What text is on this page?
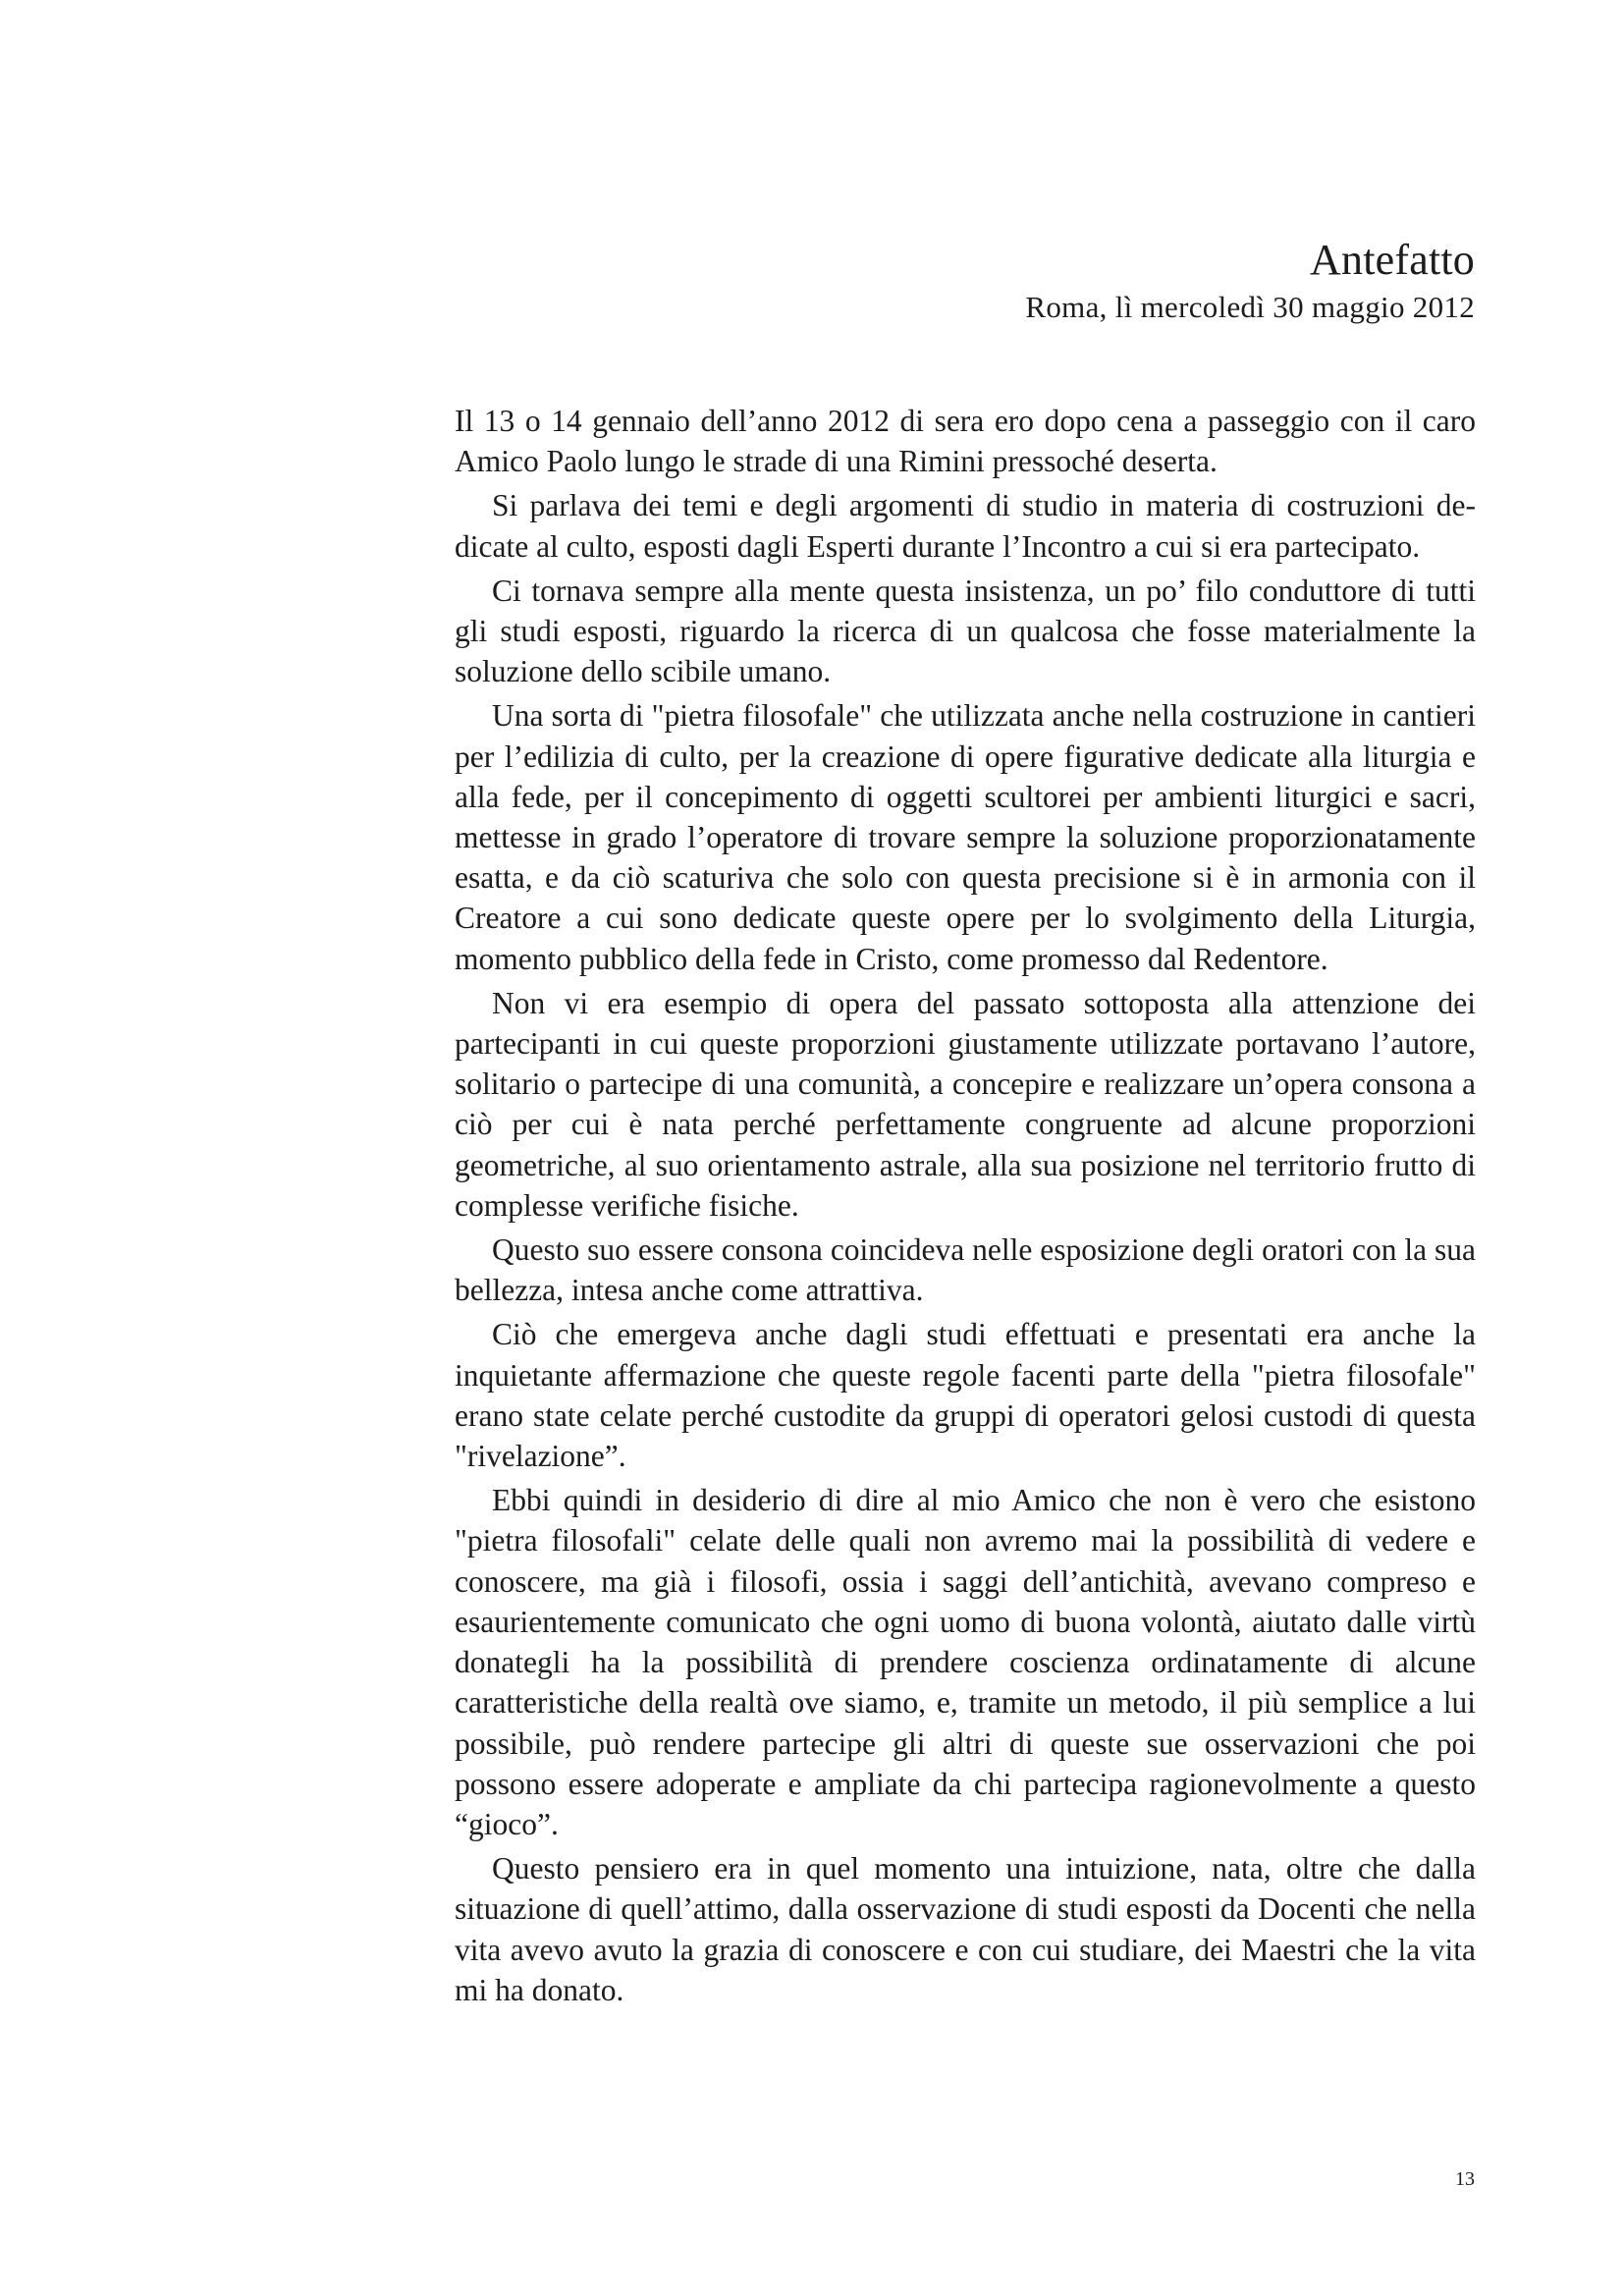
Antefatto
Roma, lì mercoledì 30 maggio 2012

Il 13 o 14 gennaio dell’anno 2012 di sera ero dopo cena a passeggio con il caro Amico Paolo lungo le strade di una Rimini pressoché deserta.

Si parlava dei temi e degli argomenti di studio in materia di costruzioni dedicate al culto, esposti dagli Esperti durante l’Incontro a cui si era partecipato.

Ci tornava sempre alla mente questa insistenza, un po’ filo conduttore di tutti gli studi esposti, riguardo la ricerca di un qualcosa che fosse materialmente la soluzione dello scibile umano.

Una sorta di "pietra filosofale" che utilizzata anche nella costruzione in cantieri per l’edilizia di culto, per la creazione di opere figurative dedicate alla liturgia e alla fede, per il concepimento di oggetti scultorei per ambienti liturgici e sacri, mettesse in grado l’operatore di trovare sempre la soluzione proporzionatamente esatta, e da ciò scaturiva che solo con questa precisione si è in armonia con il Creatore a cui sono dedicate queste opere per lo svolgimento della Liturgia, momento pubblico della fede in Cristo, come promesso dal Redentore.

Non vi era esempio di opera del passato sottoposta alla attenzione dei partecipanti in cui queste proporzioni giustamente utilizzate portavano l’autore, solitario o partecipe di una comunità, a concepire e realizzare un’opera consona a ciò per cui è nata perché perfettamente congruente ad alcune proporzioni geometriche, al suo orientamento astrale, alla sua posizione nel territorio frutto di complesse verifiche fisiche.

Questo suo essere consona coincideva nelle esposizione degli oratori con la sua bellezza, intesa anche come attrattiva.

Ciò che emergeva anche dagli studi effettuati e presentati era anche la inquietante affermazione che queste regole facenti parte della "pietra filosofale" erano state celate perché custodite da gruppi di operatori gelosi custodi di questa "rivelazione”.

Ebbi quindi in desiderio di dire al mio Amico che non è vero che esistono "pietra filosofali" celate delle quali non avremo mai la possibilità di vedere e conoscere, ma già i filosofi, ossia i saggi dell’antichità, avevano compreso e esaurientemente comunicato che ogni uomo di buona volontà, aiutato dalle virtù donategli ha la possibilità di prendere coscienza ordinatamente di alcune caratteristiche della realtà ove siamo, e, tramite un metodo, il più semplice a lui possibile, può rendere partecipe gli altri di queste sue osservazioni che poi possono essere adoperate e ampliate da chi partecipa ragionevolmente a questo “gioco”.

Questo pensiero era in quel momento una intuizione, nata, oltre che dalla situazione di quell’attimo, dalla osservazione di studi esposti da Docenti che nella vita avevo avuto la grazia di conoscere e con cui studiare, dei Maestri che la vita mi ha donato.

13
